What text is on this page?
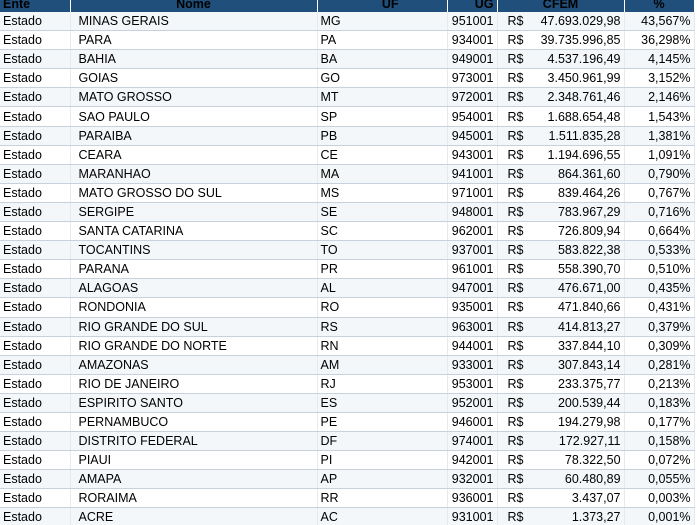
Ente	Nome	UF	UG	CFEM		%
Estado	MINAS GERAIS	MG	951001	R$	47.693.029,98	43,567%
Estado	PARA	PA	934001	R$	39.735.996,85	36,298%
Estado	BAHIA	BA	949001	R$	4.537.196,49	4,145%
Estado	GOIAS	GO	973001	R$	3.450.961,99	3,152%
Estado	MATO GROSSO	MT	972001	R$	2.348.761,46	2,146%
Estado	SAO PAULO	SP	954001	R$	1.688.654,48	1,543%
Estado	PARAIBA	PB	945001	R$	1.511.835,28	1,381%
Estado	CEARA	CE	943001	R$	1.194.696,55	1,091%
Estado	MARANHAO	MA	941001	R$	864.361,60	0,790%
Estado	MATO GROSSO DO SUL	MS	971001	R$	839.464,26	0,767%
Estado	SERGIPE	SE	948001	R$	783.967,29	0,716%
Estado	SANTA CATARINA	SC	962001	R$	726.809,94	0,664%
Estado	TOCANTINS	TO	937001	R$	583.822,38	0,533%
Estado	PARANA	PR	961001	R$	558.390,70	0,510%
Estado	ALAGOAS	AL	947001	R$	476.671,00	0,435%
Estado	RONDONIA	RO	935001	R$	471.840,66	0,431%
Estado	RIO GRANDE DO SUL	RS	963001	R$	414.813,27	0,379%
Estado	RIO GRANDE DO NORTE	RN	944001	R$	337.844,10	0,309%
Estado	AMAZONAS	AM	933001	R$	307.843,14	0,281%
Estado	RIO DE JANEIRO	RJ	953001	R$	233.375,77	0,213%
Estado	ESPIRITO SANTO	ES	952001	R$	200.539,44	0,183%
Estado	PERNAMBUCO	PE	946001	R$	194.279,98	0,177%
Estado	DISTRITO FEDERAL	DF	974001	R$	172.927,11	0,158%
Estado	PIAUI	PI	942001	R$	78.322,50	0,072%
Estado	AMAPA	AP	932001	R$	60.480,89	0,055%
Estado	RORAIMA	RR	936001	R$	3.437,07	0,003%
Estado	ACRE	AC	931001	R$	1.373,27	0,001%
